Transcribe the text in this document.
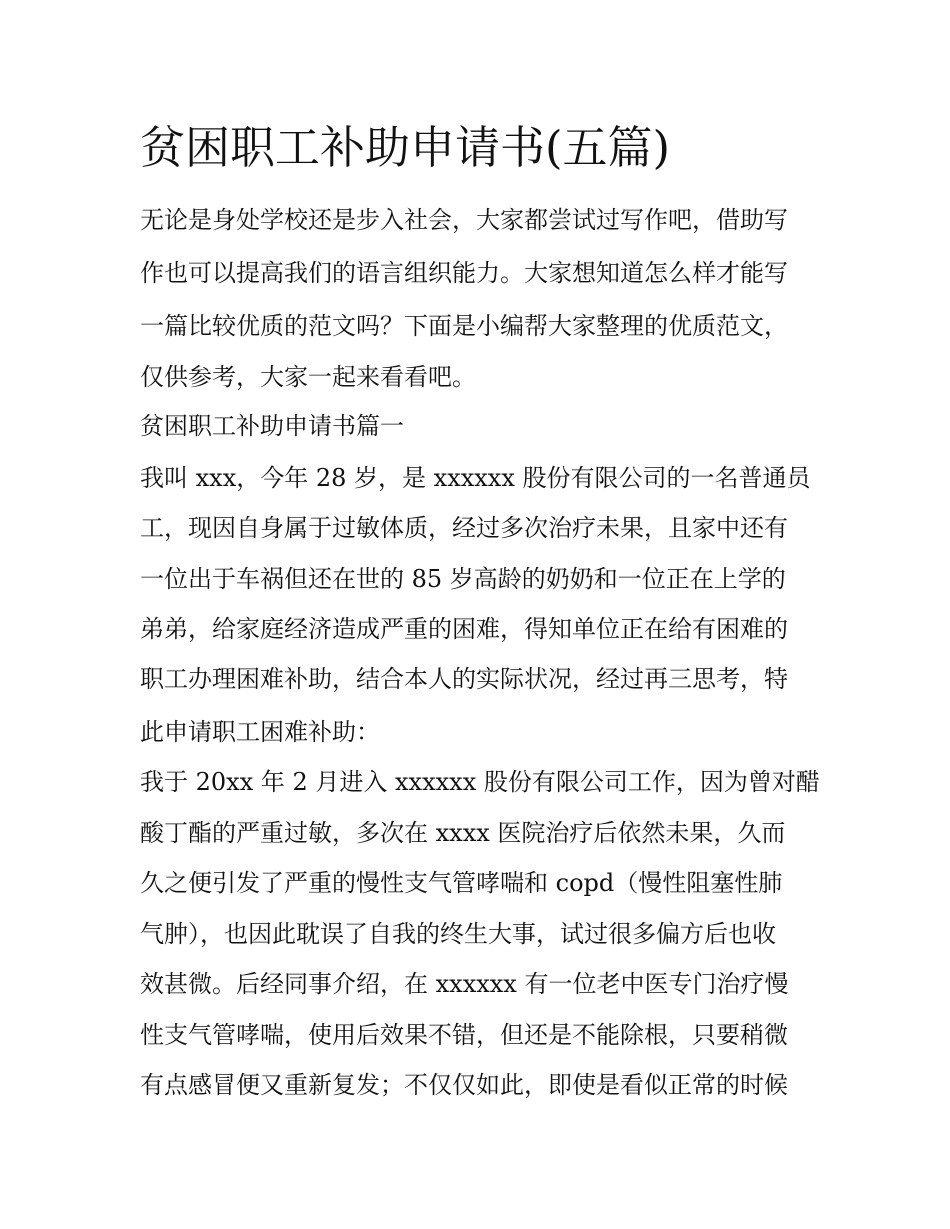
贫困职工补助申请书(五篇)

无论是身处学校还是步入社会，大家都尝试过写作吧，借助写

作也可以提高我们的语言组织能力。大家想知道怎么样才能写

一篇比较优质的范文吗？下面是小编帮大家整理的优质范文，

仅供参考，大家一起来看看吧。

贫困职工补助申请书篇一

我叫 xxx，今年 28 岁，是 xxxxxx 股份有限公司的一名普通员

工，现因自身属于过敏体质，经过多次治疗未果，且家中还有

一位出于车祸但还在世的 85 岁高龄的奶奶和一位正在上学的

弟弟，给家庭经济造成严重的困难，得知单位正在给有困难的

职工办理困难补助，结合本人的实际状况，经过再三思考，特

此申请职工困难补助：

我于 20xx 年 2 月进入 xxxxxx 股份有限公司工作，因为曾对醋

酸丁酯的严重过敏，多次在 xxxx 医院治疗后依然未果，久而

久之便引发了严重的慢性支气管哮喘和 copd（慢性阻塞性肺

气肿），也因此耽误了自我的终生大事，试过很多偏方后也收

效甚微。后经同事介绍，在 xxxxxx 有一位老中医专门治疗慢

性支气管哮喘，使用后效果不错，但还是不能除根，只要稍微

有点感冒便又重新复发；不仅仅如此，即使是看似正常的时候
